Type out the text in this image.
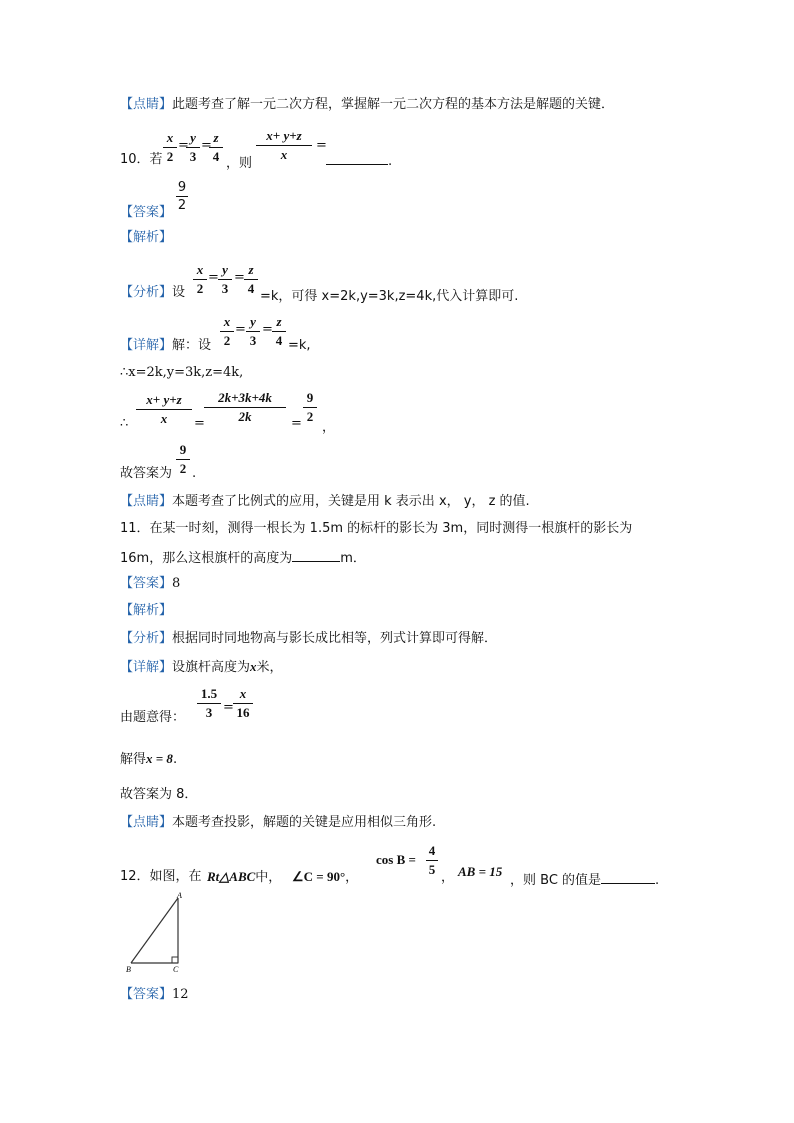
【点睛】此题考查了解一元二次方程，掌握解一元二次方程的基本方法是解题的关键．
10．若
x
2
=
y
3
=
z
4 ，则
x+ y+z
x
=
.
【答案】
9
2
【解析】
【分析】设
x
2
=
y
3
=
z
4
=k，可得 x=2k,y=3k,z=4k,代入计算即可.
【详解】解：设
x
2
=
y
3
=
z
4 =k,
∴x=2k,y=3k,z=4k,
∴
x+ y+z
x	=
2k+3k+4k
2k	=
9
2
，
故答案为
9
2 .
【点睛】本题考查了比例式的应用，关键是用 k 表示出 x， y， z 的值.
11．在某一时刻，测得一根长为 1.5m 的标杆的影长为 3m，同时测得一根旗杆的影长为
16m，那么这根旗杆的高度为	m．
【答案】8
【解析】
【分析】根据同时同地物高与影长成比相等，列式计算即可得解．
【详解】设旗杆高度为x米，
由题意得：
1.5
3 =
x
16
解得x = 8.
故答案为 8．
【点睛】本题考查投影，解题的关键是应用相似三角形.
12．如图，在 Rt△ABC中， ∠C = 90°，
cos B =
4
5
， AB = 15
，则 BC 的值是	.
A
B	C
【答案】12
